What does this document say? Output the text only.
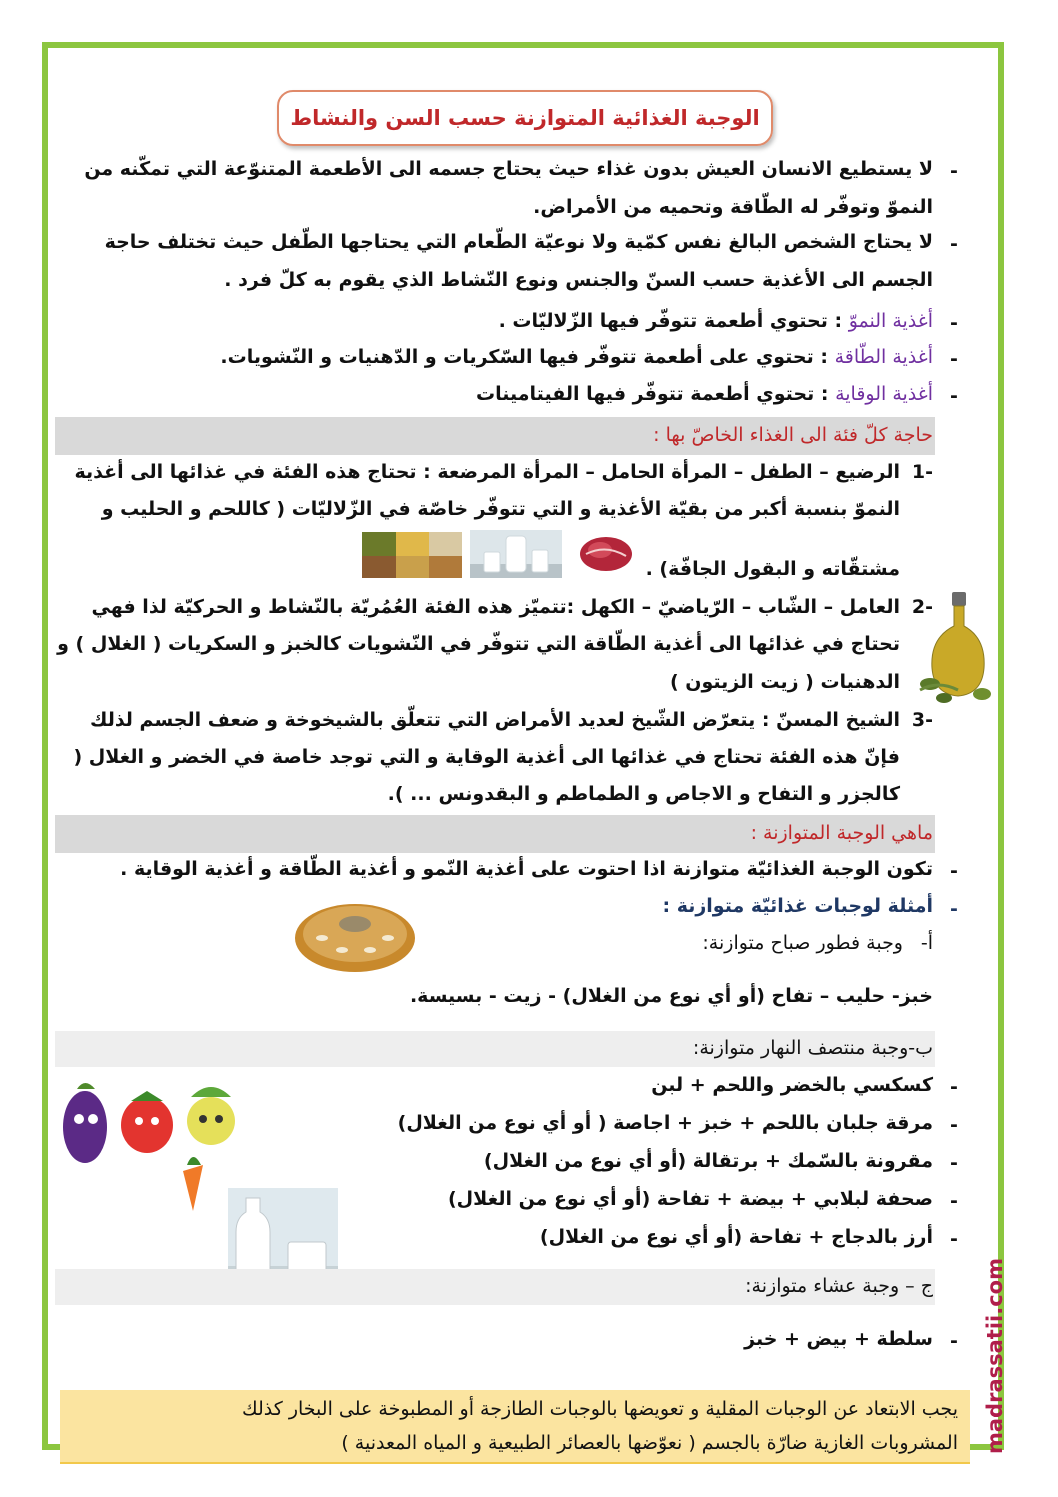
الوجبة الغذائية المتوازنة حسب السن والنشاط
-
لا يستطيع الانسان العيش بدون غذاء حيث يحتاج جسمه الى الأطعمة المتنوّعة التي تمكّنه من
النموّ وتوفّر له الطّاقة وتحميه من الأمراض.
-
لا يحتاج الشخص البالغ نفس كمّية ولا نوعيّة الطّعام التي يحتاجها الطّفل حيث تختلف حاجة
الجسم الى الأغذية حسب السنّ والجنس ونوع النّشاط الذي يقوم به كلّ فرد .
-
أغذية النموّ : تحتوي أطعمة تتوفّر فيها الزّلاليّات .
-
أغذية الطّاقة : تحتوي على أطعمة تتوفّر فيها السّكريات و الدّهنيات و النّشويات.
-
أغذية الوقاية : تحتوي أطعمة تتوفّر فيها الفيتامينات
حاجة كلّ فئة الى الغذاء الخاصّ بها :
-1
الرضيع – الطفل – المرأة الحامل – المرأة المرضعة : تحتاج هذه الفئة في غذائها الى أغذية
النموّ بنسبة أكبر من بقيّة الأغذية و التي تتوفّر خاصّة في الزّلاليّات ( كاللحم و الحليب و
مشتقّاته و البقول الجافّة) .
-2
العامل – الشّاب – الرّياضيّ – الكهل :تتميّز هذه الفئة العُمُريّة بالنّشاط و الحركيّة لذا فهي
تحتاج في غذائها الى أغذية الطّاقة التي تتوفّر في النّشويات كالخبز و السكريات ( الغلال ) و
الدهنيات ( زيت الزيتون )
-3
الشيخ المسنّ : يتعرّض الشّيخ لعديد الأمراض التي تتعلّق بالشيخوخة و ضعف الجسم لذلك
فإنّ هذه الفئة تحتاج في غذائها الى أغذية الوقاية و التي توجد خاصة في الخضر و الغلال (
كالجزر و التفاح و الاجاص و الطماطم و البقدونس ... ).
ماهي الوجبة المتوازنة :
-
تكون الوجبة الغذائيّة متوازنة اذا احتوت على أغذية النّمو و أغذية الطّاقة و أغذية الوقاية .
-
أمثلة لوجبات غذائيّة متوازنة :
أ-
وجبة فطور صباح متوازنة:
خبز- حليب – تفاح (أو أي نوع من الغلال) - زيت - بسيسة.
ب-وجبة منتصف النهار متوازنة:
-
كسكسي بالخضر واللحم + لبن
-
مرقة جلبان باللحم + خبز + اجاصة ( أو أي نوع من الغلال)
-
مقرونة بالسّمك + برتقالة (أو أي نوع من الغلال)
-
صحفة لبلابي + بيضة + تفاحة (أو أي نوع من الغلال)
-
أرز بالدجاج + تفاحة (أو أي نوع من الغلال)
ج – وجبة عشاء متوازنة:
-
سلطة + بيض + خبز
يجب الابتعاد عن الوجبات المقلية و تعويضها بالوجبات الطازجة أو المطبوخة على البخار كذلك
المشروبات الغازية ضارّة بالجسم ( نعوّضها بالعصائر الطبيعية و المياه المعدنية ) madrassatii.com
